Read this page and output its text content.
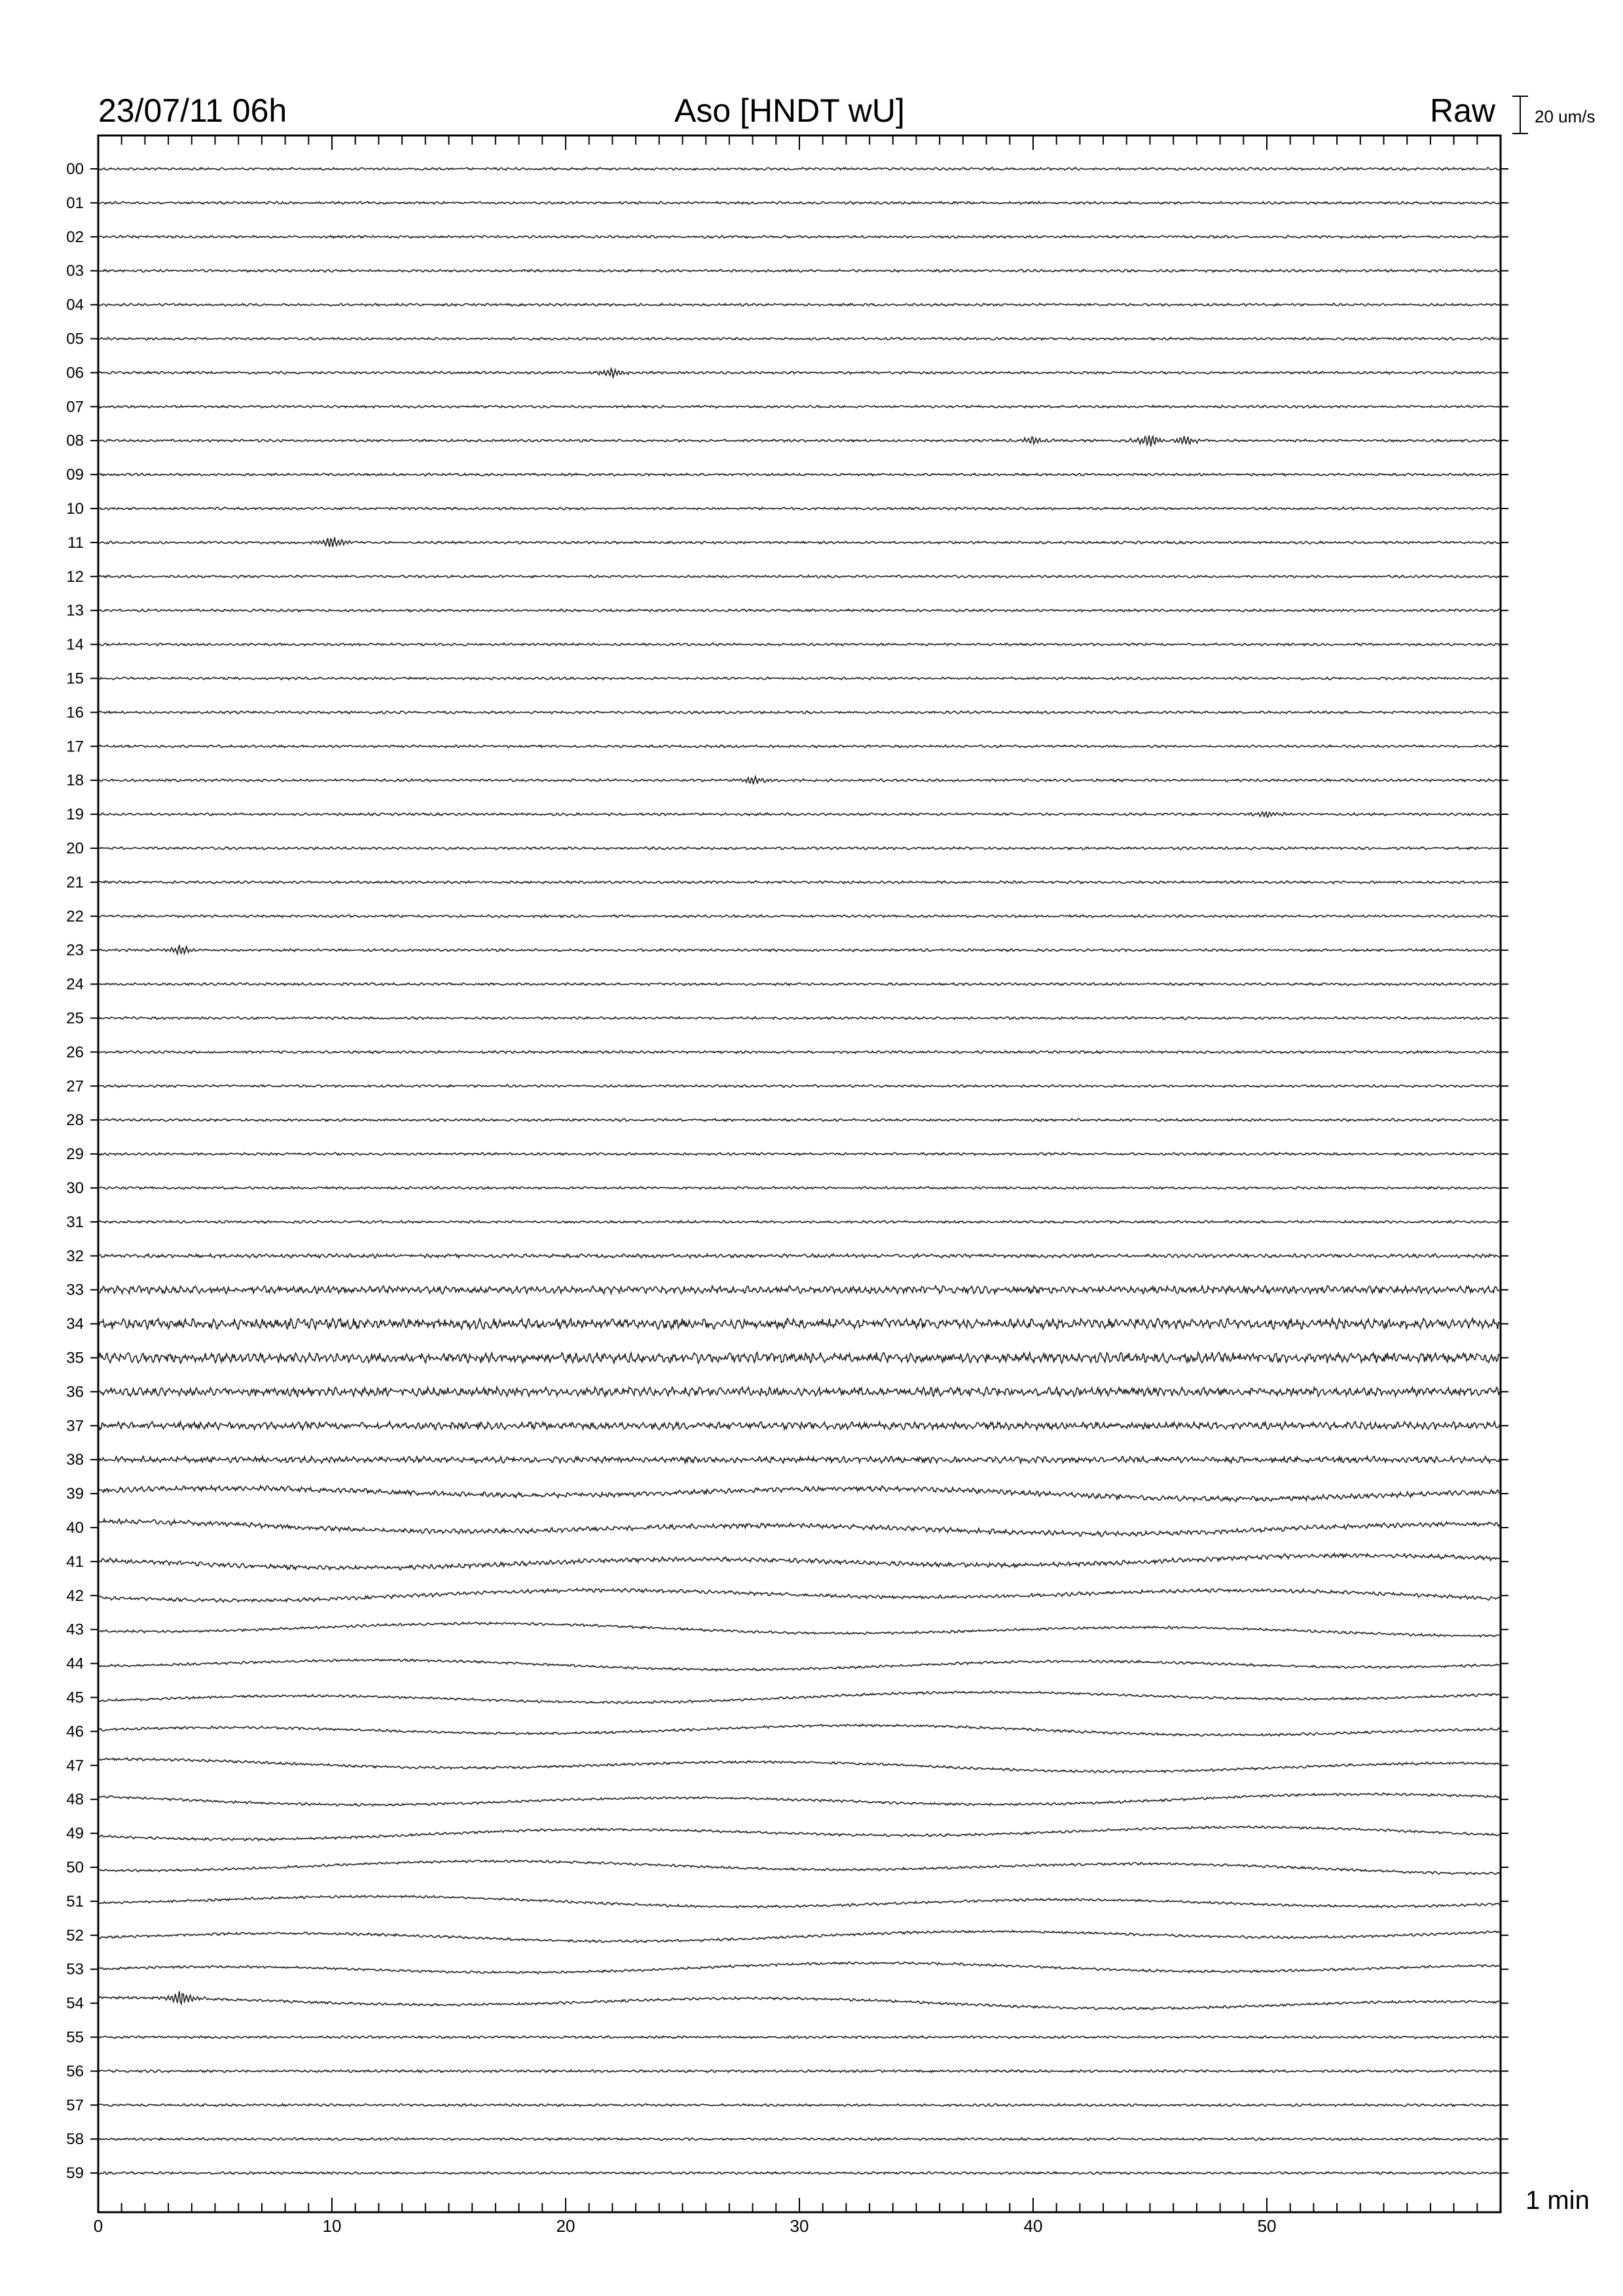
23/07/11 06h	Aso [HNDT wU]	Raw 20 um/s
1 min
00
01
02
03
04
05
06
07
08
09
10
11
12
13
14
15
16
17
18
19
20
21
22
23
24
25
26
27
28
29
30
31
32
33
34
35
36
37
38
39
40
41
42
43
44
45
46
47
48
49
50
51
52
53
54
55
56
57
58
59
0	10	20	30	40	50
